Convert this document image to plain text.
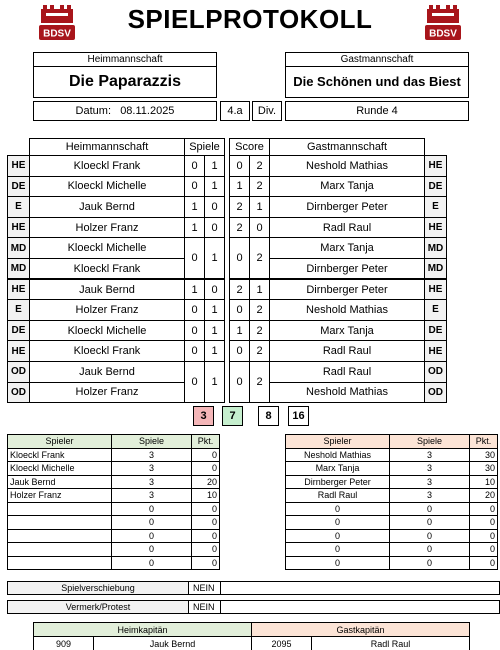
BDSV	BDSV
SPIELPROTOKOLL
Heimmannschaft
Die Paparazzis
Gastmannschaft
Die Schönen und das Biest
Datum: 08.11.2025	4.a	Div.	Runde 4
	Heimmannschaft	Spiele			Score		Gastmannschaft	
HE	Kloeckl Frank	0	1		0	2	Neshold Mathias	HE
DE	Kloeckl Michelle	0	1		1	2	Marx Tanja	DE
E	Jauk Bernd	1	0		2	1	Dirnberger Peter	E
HE	Holzer Franz	1	0		2	0	Radl Raul	HE
MD	Kloeckl Michelle	0	1		0	2	Marx Tanja	MD
MD	Kloeckl Frank						Dirnberger Peter	MD
HE	Jauk Bernd	1	0		2	1	Dirnberger Peter	HE
E	Holzer Franz	0	1		0	2	Neshold Mathias	E
DE	Kloeckl Michelle	0	1		1	2	Marx Tanja	DE
HE	Kloeckl Frank	0	1		0	2	Radl Raul	HE
OD	Jauk Bernd	0	1		0	2	Radl Raul	OD
OD	Holzer Franz						Neshold Mathias	OD
3	7	8	16
Spieler	Spiele	Pkt.
Kloeckl Frank	3	0
Kloeckl Michelle	3	0
Jauk Bernd	3	20
Holzer Franz	3	10
	0	0
	0	0
	0	0
	0	0
	0	0
Spieler	Spiele	Pkt.
Neshold Mathias	3	30
Marx Tanja	3	30
Dirnberger Peter	3	10
Radl Raul	3	20
0	0	0
0	0	0
0	0	0
0	0	0
0	0	0
Spielverschiebung	NEIN
Vermerk/Protest	NEIN
Heimkapitän		Gastkapitän	
909	Jauk Bernd	2095	Radl Raul
